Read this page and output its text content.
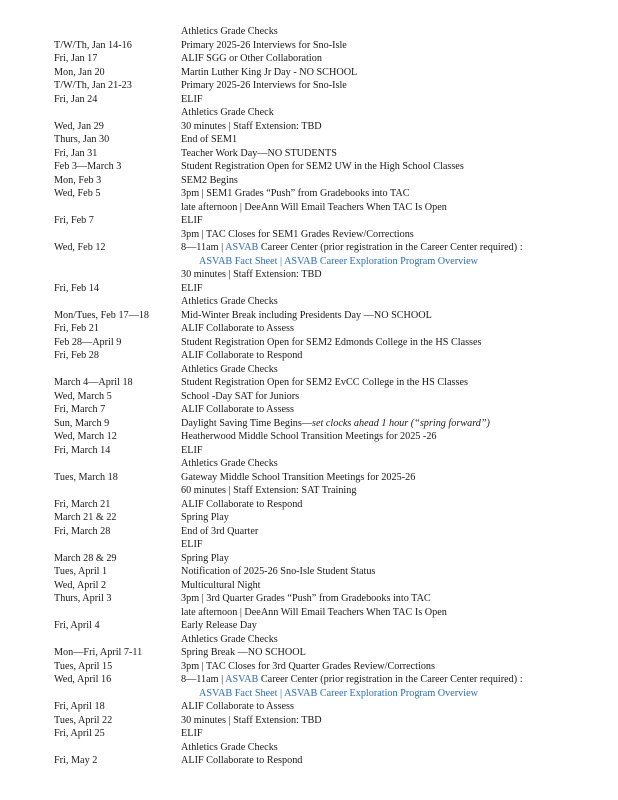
Athletics Grade Checks
T/W/Th, Jan 14-16	Primary 2025-26 Interviews for Sno-Isle
Fri, Jan 17	ALIF SGG or Other Collaboration
Mon, Jan 20	Martin Luther King Jr Day - NO SCHOOL
T/W/Th, Jan 21-23	Primary 2025-26 Interviews for Sno-Isle
Fri, Jan 24	ELIF
Athletics Grade Check
Wed, Jan 29	30 minutes | Staff Extension: TBD
Thurs, Jan 30	End of SEM1
Fri, Jan 31	Teacher Work Day—NO STUDENTS
Feb 3—March 3	Student Registration Open for SEM2 UW in the High School Classes
Mon, Feb 3	SEM2 Begins
Wed, Feb 5	3pm | SEM1 Grades “Push” from Gradebooks into TAC
late afternoon | DeeAnn Will Email Teachers When TAC Is Open
Fri, Feb 7	ELIF
3pm | TAC Closes for SEM1 Grades Review/Corrections
Wed, Feb 12	8—11am | ASVAB Career Center (prior registration in the Career Center required) :
ASVAB Fact Sheet | ASVAB Career Exploration Program Overview
30 minutes | Staff Extension: TBD
Fri, Feb 14	ELIF
Athletics Grade Checks
Mon/Tues, Feb 17—18	Mid-Winter Break including Presidents Day —NO SCHOOL
Fri, Feb 21	ALIF Collaborate to Assess
Feb 28—April 9	Student Registration Open for SEM2 Edmonds College in the HS Classes
Fri, Feb 28	ALIF Collaborate to Respond
Athletics Grade Checks
March 4—April 18	Student Registration Open for SEM2 EvCC College in the HS Classes
Wed, March 5	School -Day SAT for Juniors
Fri, March 7	ALIF Collaborate to Assess
Sun, March 9	Daylight Saving Time Begins—set clocks ahead 1 hour (“spring forward”)
Wed, March 12	Heatherwood Middle School Transition Meetings for 2025 -26
Fri, March 14	ELIF
Athletics Grade Checks
Tues, March 18	Gateway Middle School Transition Meetings for 2025-26
60 minutes | Staff Extension: SAT Training
Fri, March 21	ALIF Collaborate to Respond
March 21 & 22	Spring Play
Fri, March 28	End of 3rd Quarter
ELIF
March 28 & 29	Spring Play
Tues, April 1	Notification of 2025-26 Sno-Isle Student Status
Wed, April 2	Multicultural Night
Thurs, April 3	3pm | 3rd Quarter Grades “Push” from Gradebooks into TAC
late afternoon | DeeAnn Will Email Teachers When TAC Is Open
Fri, April 4	Early Release Day
Athletics Grade Checks
Mon—Fri, April 7-11	Spring Break —NO SCHOOL
Tues, April 15	3pm | TAC Closes for 3rd Quarter Grades Review/Corrections
Wed, April 16	8—11am | ASVAB Career Center (prior registration in the Career Center required) :
ASVAB Fact Sheet | ASVAB Career Exploration Program Overview
Fri, April 18	ALIF Collaborate to Assess
Tues, April 22	30 minutes | Staff Extension: TBD
Fri, April 25	ELIF
Athletics Grade Checks
Fri, May 2	ALIF Collaborate to Respond
